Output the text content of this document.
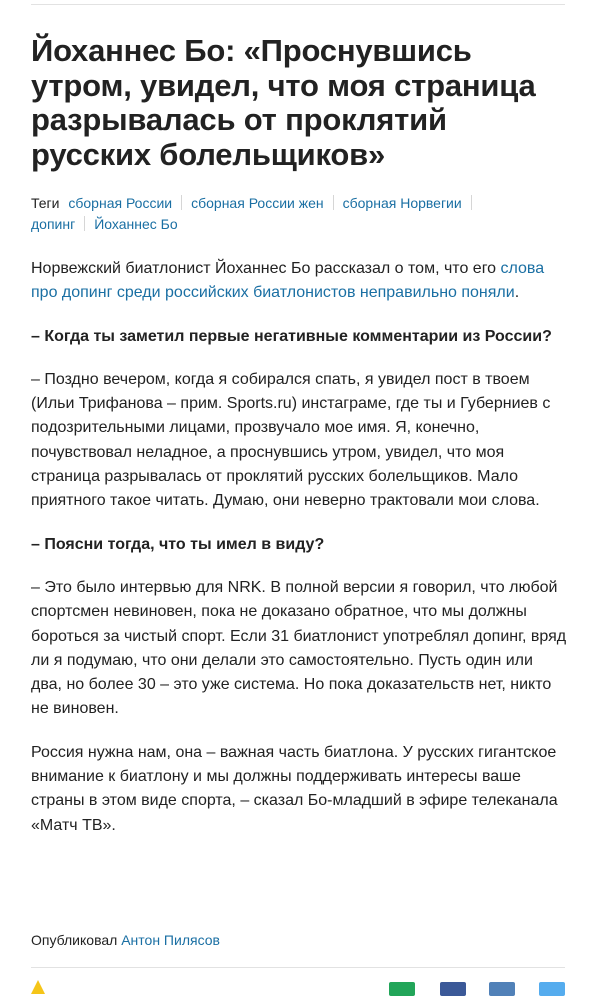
Йоханнес Бо: «Проснувшись утром, увидел, что моя страница разрывалась от проклятий русских болельщиков»
Теги сборная России сборная России жен сборная Норвегии
допинг Йоханнес Бо

Норвежский биатлонист Йоханнес Бо рассказал о том, что его слова про допинг среди российских биатлонистов неправильно поняли.

– Когда ты заметил первые негативные комментарии из России?

– Поздно вечером, когда я собирался спать, я увидел пост в твоем (Ильи Трифанова – прим. Sports.ru) инстаграме, где ты и Губерниев с подозрительными лицами, прозвучало мое имя. Я, конечно, почувствовал неладное, а проснувшись утром, увидел, что моя страница разрывалась от проклятий русских болельщиков. Мало приятного такое читать. Думаю, они неверно трактовали мои слова.

– Поясни тогда, что ты имел в виду?

– Это было интервью для NRK. В полной версии я говорил, что любой спортсмен невиновен, пока не доказано обратное, что мы должны бороться за чистый спорт. Если 31 биатлонист употреблял допинг, вряд ли я подумаю, что они делали это самостоятельно. Пусть один или два, но более 30 – это уже система. Но пока доказательств нет, никто не виновен.

Россия нужна нам, она – важная часть биатлона. У русских гигантское внимание к биатлону и мы должны поддерживать интересы ваше страны в этом виде спорта, – сказал Бо-младший в эфире телеканала «Матч ТВ».

Опубликовал Антон Пилясов
